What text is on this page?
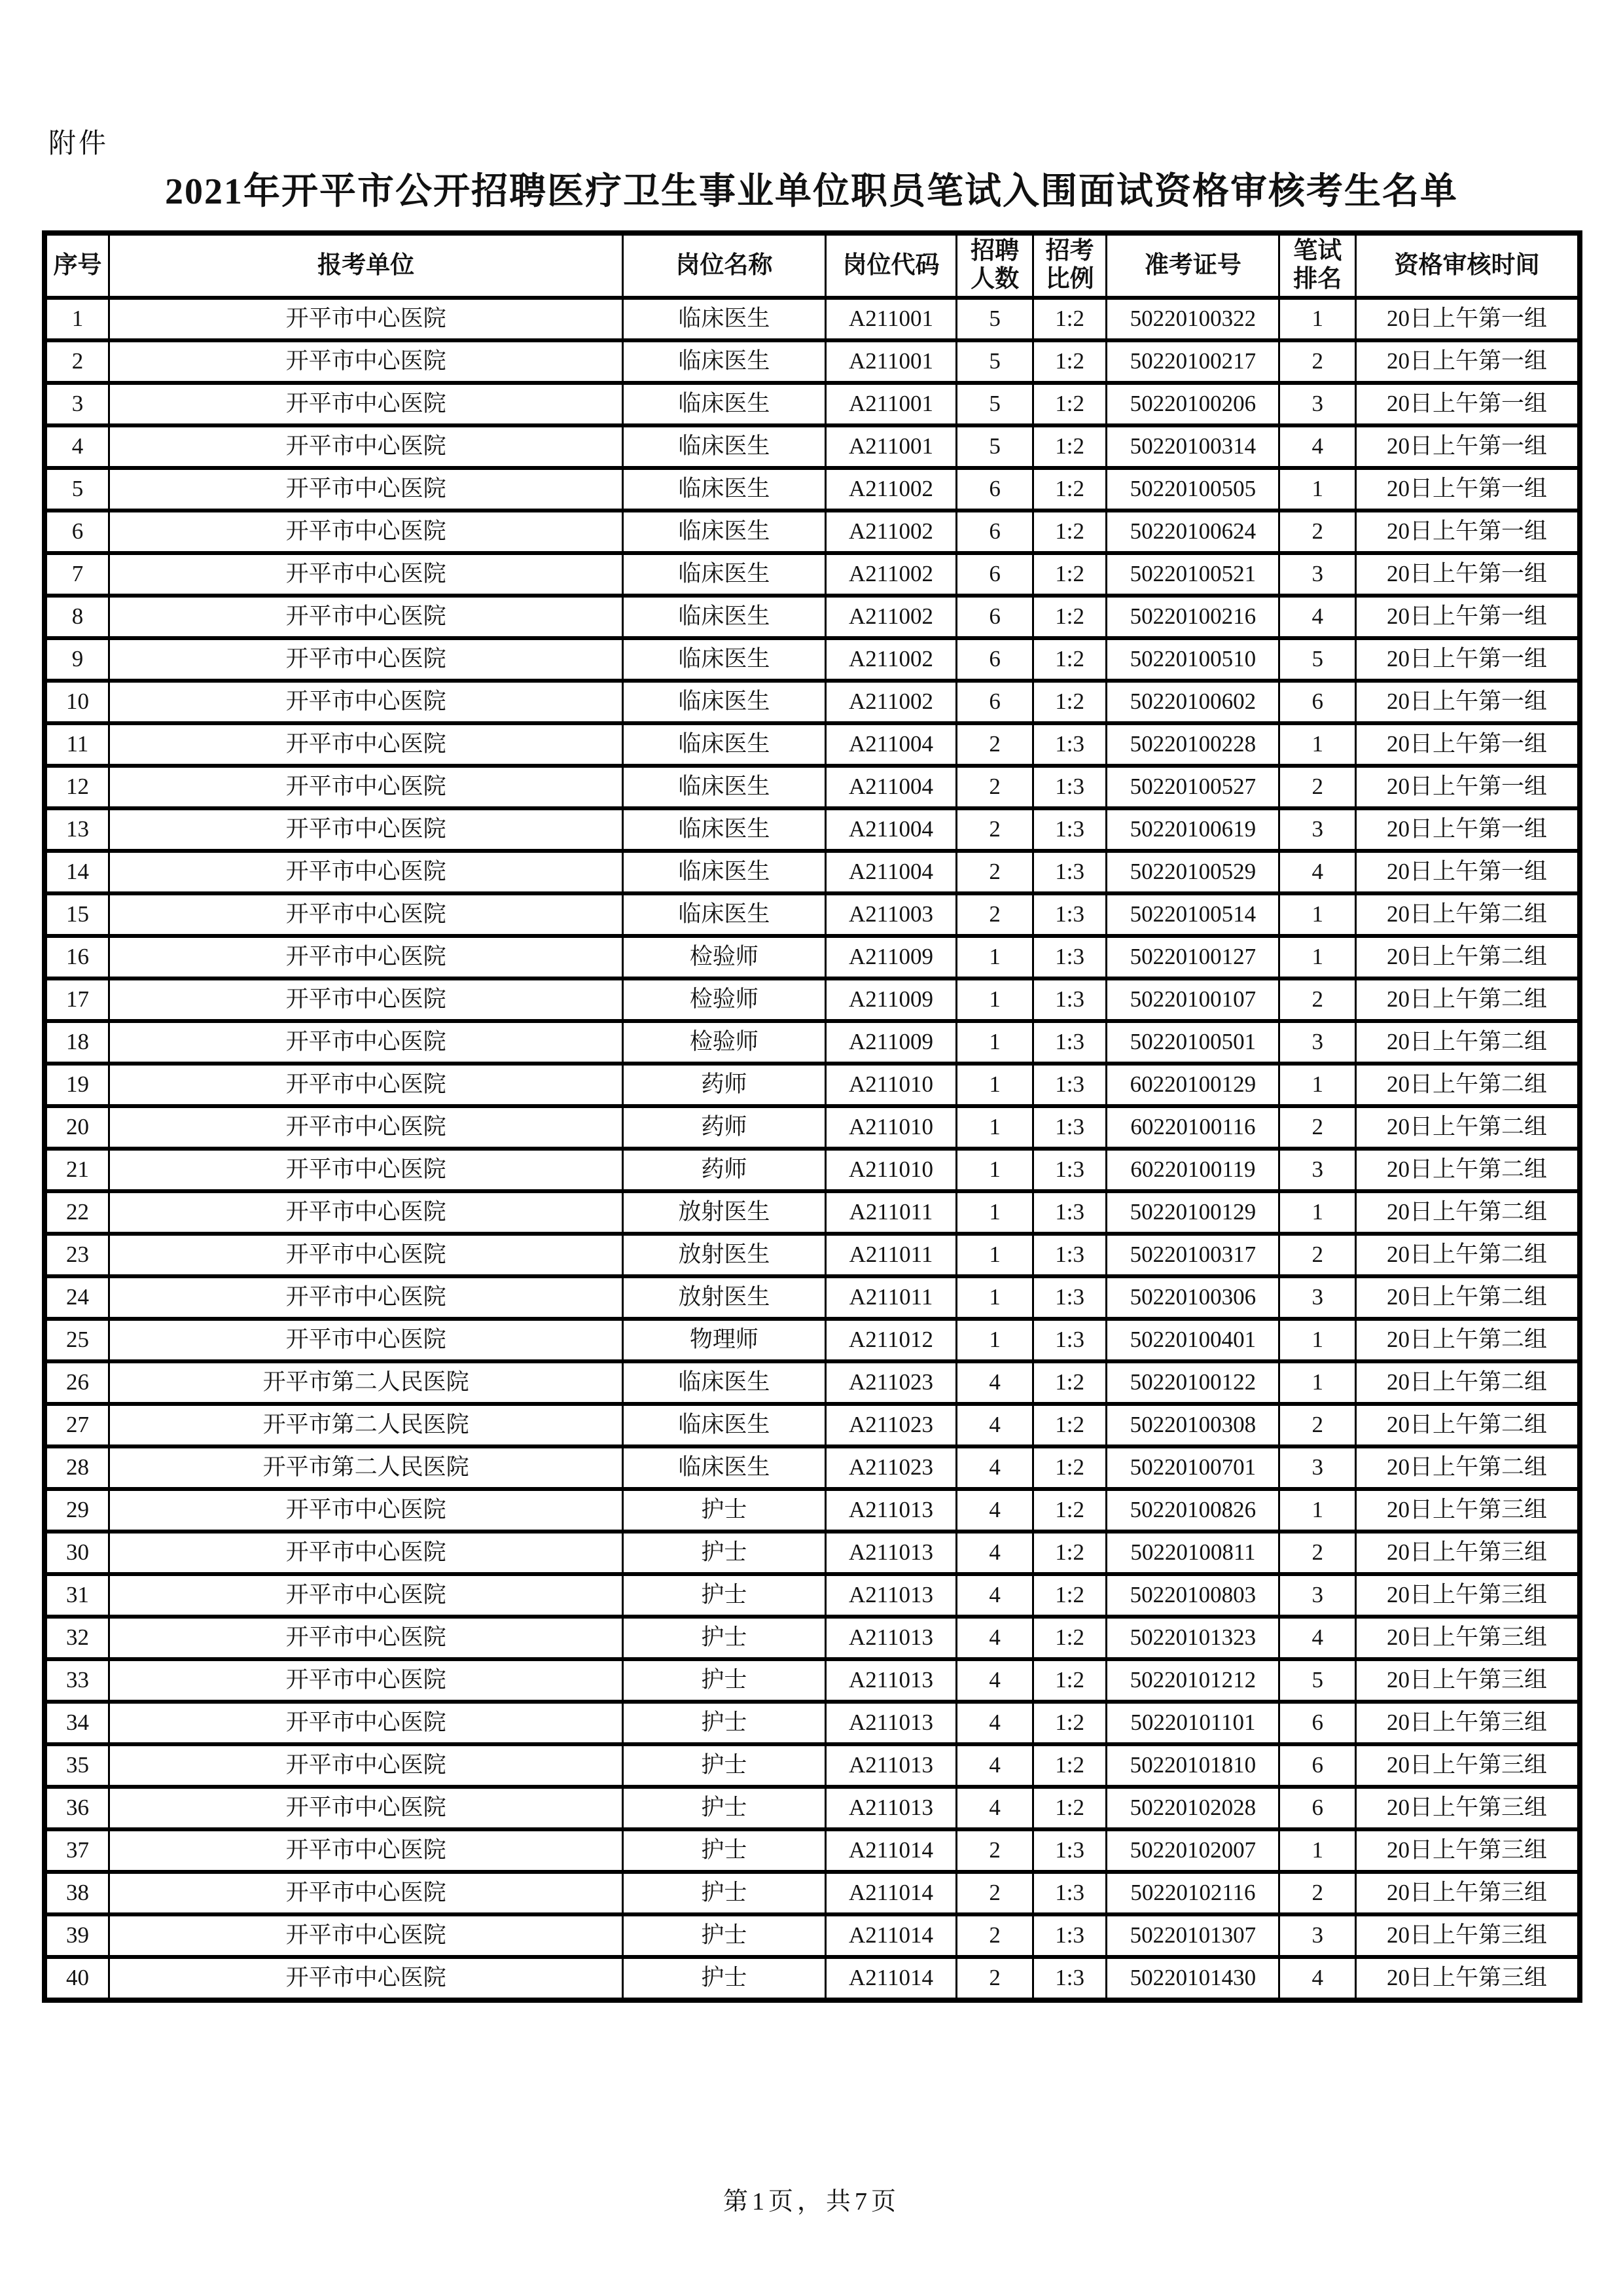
附件
2021年开平市公开招聘医疗卫生事业单位职员笔试入围面试资格审核考生名单
序号	报考单位	岗位名称	岗位代码	招聘人数	招考比例	准考证号	笔试排名	资格审核时间
1	开平市中心医院	临床医生	A211001	5	1:2	50220100322	1	20日上午第一组
2	开平市中心医院	临床医生	A211001	5	1:2	50220100217	2	20日上午第一组
3	开平市中心医院	临床医生	A211001	5	1:2	50220100206	3	20日上午第一组
4	开平市中心医院	临床医生	A211001	5	1:2	50220100314	4	20日上午第一组
5	开平市中心医院	临床医生	A211002	6	1:2	50220100505	1	20日上午第一组
6	开平市中心医院	临床医生	A211002	6	1:2	50220100624	2	20日上午第一组
7	开平市中心医院	临床医生	A211002	6	1:2	50220100521	3	20日上午第一组
8	开平市中心医院	临床医生	A211002	6	1:2	50220100216	4	20日上午第一组
9	开平市中心医院	临床医生	A211002	6	1:2	50220100510	5	20日上午第一组
10	开平市中心医院	临床医生	A211002	6	1:2	50220100602	6	20日上午第一组
11	开平市中心医院	临床医生	A211004	2	1:3	50220100228	1	20日上午第一组
12	开平市中心医院	临床医生	A211004	2	1:3	50220100527	2	20日上午第一组
13	开平市中心医院	临床医生	A211004	2	1:3	50220100619	3	20日上午第一组
14	开平市中心医院	临床医生	A211004	2	1:3	50220100529	4	20日上午第一组
15	开平市中心医院	临床医生	A211003	2	1:3	50220100514	1	20日上午第二组
16	开平市中心医院	检验师	A211009	1	1:3	50220100127	1	20日上午第二组
17	开平市中心医院	检验师	A211009	1	1:3	50220100107	2	20日上午第二组
18	开平市中心医院	检验师	A211009	1	1:3	50220100501	3	20日上午第二组
19	开平市中心医院	药师	A211010	1	1:3	60220100129	1	20日上午第二组
20	开平市中心医院	药师	A211010	1	1:3	60220100116	2	20日上午第二组
21	开平市中心医院	药师	A211010	1	1:3	60220100119	3	20日上午第二组
22	开平市中心医院	放射医生	A211011	1	1:3	50220100129	1	20日上午第二组
23	开平市中心医院	放射医生	A211011	1	1:3	50220100317	2	20日上午第二组
24	开平市中心医院	放射医生	A211011	1	1:3	50220100306	3	20日上午第二组
25	开平市中心医院	物理师	A211012	1	1:3	50220100401	1	20日上午第二组
26	开平市第二人民医院	临床医生	A211023	4	1:2	50220100122	1	20日上午第二组
27	开平市第二人民医院	临床医生	A211023	4	1:2	50220100308	2	20日上午第二组
28	开平市第二人民医院	临床医生	A211023	4	1:2	50220100701	3	20日上午第二组
29	开平市中心医院	护士	A211013	4	1:2	50220100826	1	20日上午第三组
30	开平市中心医院	护士	A211013	4	1:2	50220100811	2	20日上午第三组
31	开平市中心医院	护士	A211013	4	1:2	50220100803	3	20日上午第三组
32	开平市中心医院	护士	A211013	4	1:2	50220101323	4	20日上午第三组
33	开平市中心医院	护士	A211013	4	1:2	50220101212	5	20日上午第三组
34	开平市中心医院	护士	A211013	4	1:2	50220101101	6	20日上午第三组
35	开平市中心医院	护士	A211013	4	1:2	50220101810	6	20日上午第三组
36	开平市中心医院	护士	A211013	4	1:2	50220102028	6	20日上午第三组
37	开平市中心医院	护士	A211014	2	1:3	50220102007	1	20日上午第三组
38	开平市中心医院	护士	A211014	2	1:3	50220102116	2	20日上午第三组
39	开平市中心医院	护士	A211014	2	1:3	50220101307	3	20日上午第三组
40	开平市中心医院	护士	A211014	2	1:3	50220101430	4	20日上午第三组
第1页，共7页
